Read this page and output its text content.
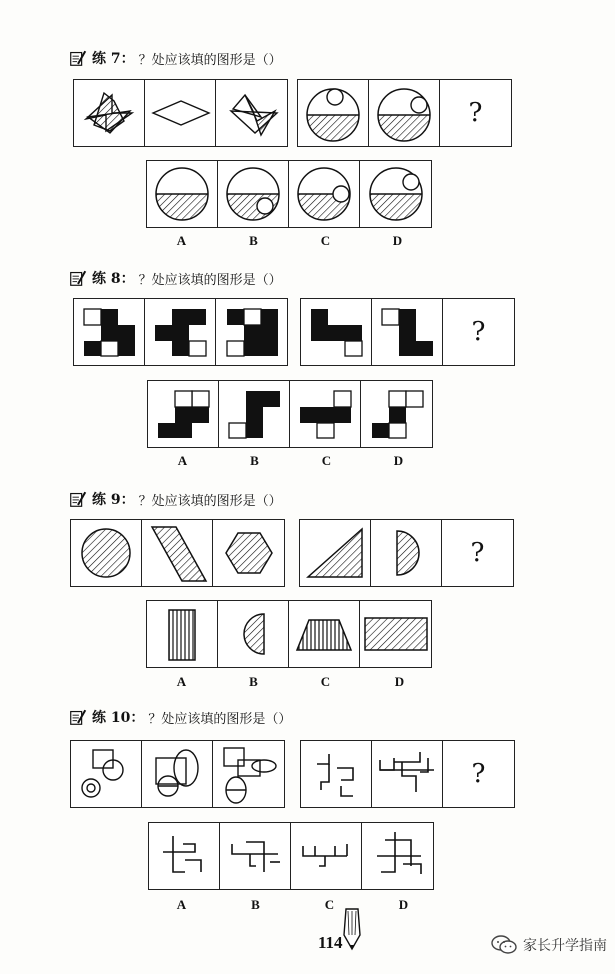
练 7： ？处应该填的图形是（）
?
A	B	C	D
练 8： ？处应该填的图形是（）
?
A	B	C	D
练 9： ？处应该填的图形是（）
?
A	B	C	D
练 10： ？处应该填的图形是（）
?
A	B	C	D
114	家长升学指南
